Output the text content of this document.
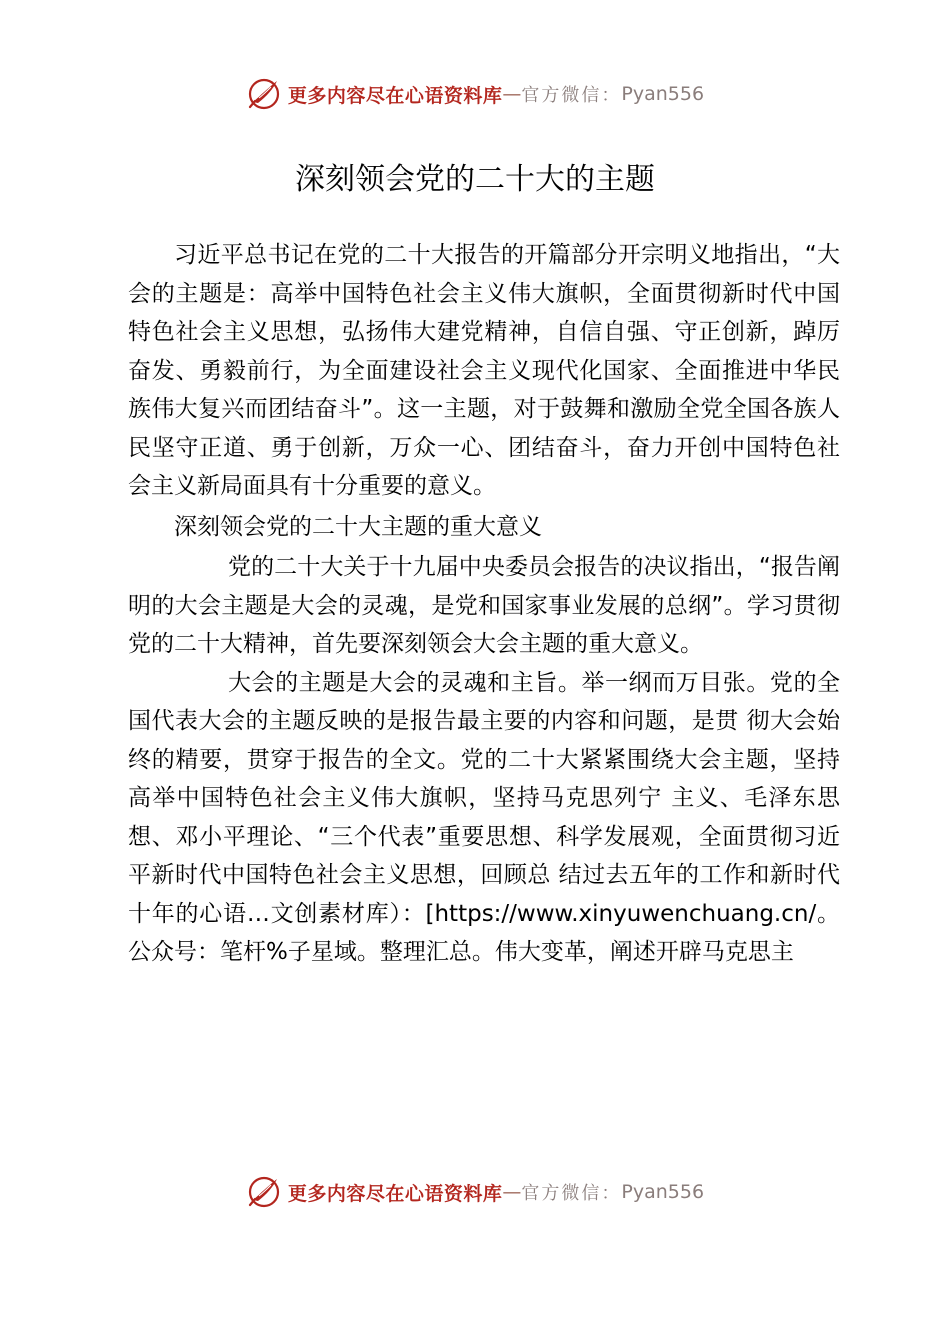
更多内容尽在心语资料库 — 官方微信： Pyan556
深刻领会党的二十大的主题

习近平总书记在党的二十大报告的开篇部分开宗明义地指出，“大会的主题是：高举中国特色社会主义伟大旗帜，全面贯彻新时代中国特色社会主义思想，弘扬伟大建党精神，自信自强、守正创新，踔厉奋发、勇毅前行，为全面建设社会主义现代化国家、全面推进中华民族伟大复兴而团结奋斗”。这一主题，对于鼓舞和激励全党全国各族人民坚守正道、勇于创新，万众一心、团结奋斗，奋力开创中国特色社会主义新局面具有十分重要的意义。

深刻领会党的二十大主题的重大意义

党的二十大关于十九届中央委员会报告的决议指出，“报告阐明的大会主题是大会的灵魂，是党和国家事业发展的总纲”。学习贯彻党的二十大精神，首先要深刻领会大会主题的重大意义。

大会的主题是大会的灵魂和主旨。举一纲而万目张。党的全国代表大会的主题反映的是报告最主要的内容和问题，是贯 彻大会始终的精要，贯穿于报告的全文。党的二十大紧紧围绕大会主题，坚持高举中国特色社会主义伟大旗帜，坚持马克思列宁 主义、毛泽东思想、邓小平理论、“三个代表”重要思想、科学发展观，全面贯彻习近平新时代中国特色社会主义思想，回顾总 结过去五年的工作和新时代十年的心语…文创素材库）：[https://www.xinyuwenchuang.cn/。公众号：笔杆%子星域。整理汇总。伟大变革，阐述开辟马克思主

更多内容尽在心语资料库 — 官方微信： Pyan556
